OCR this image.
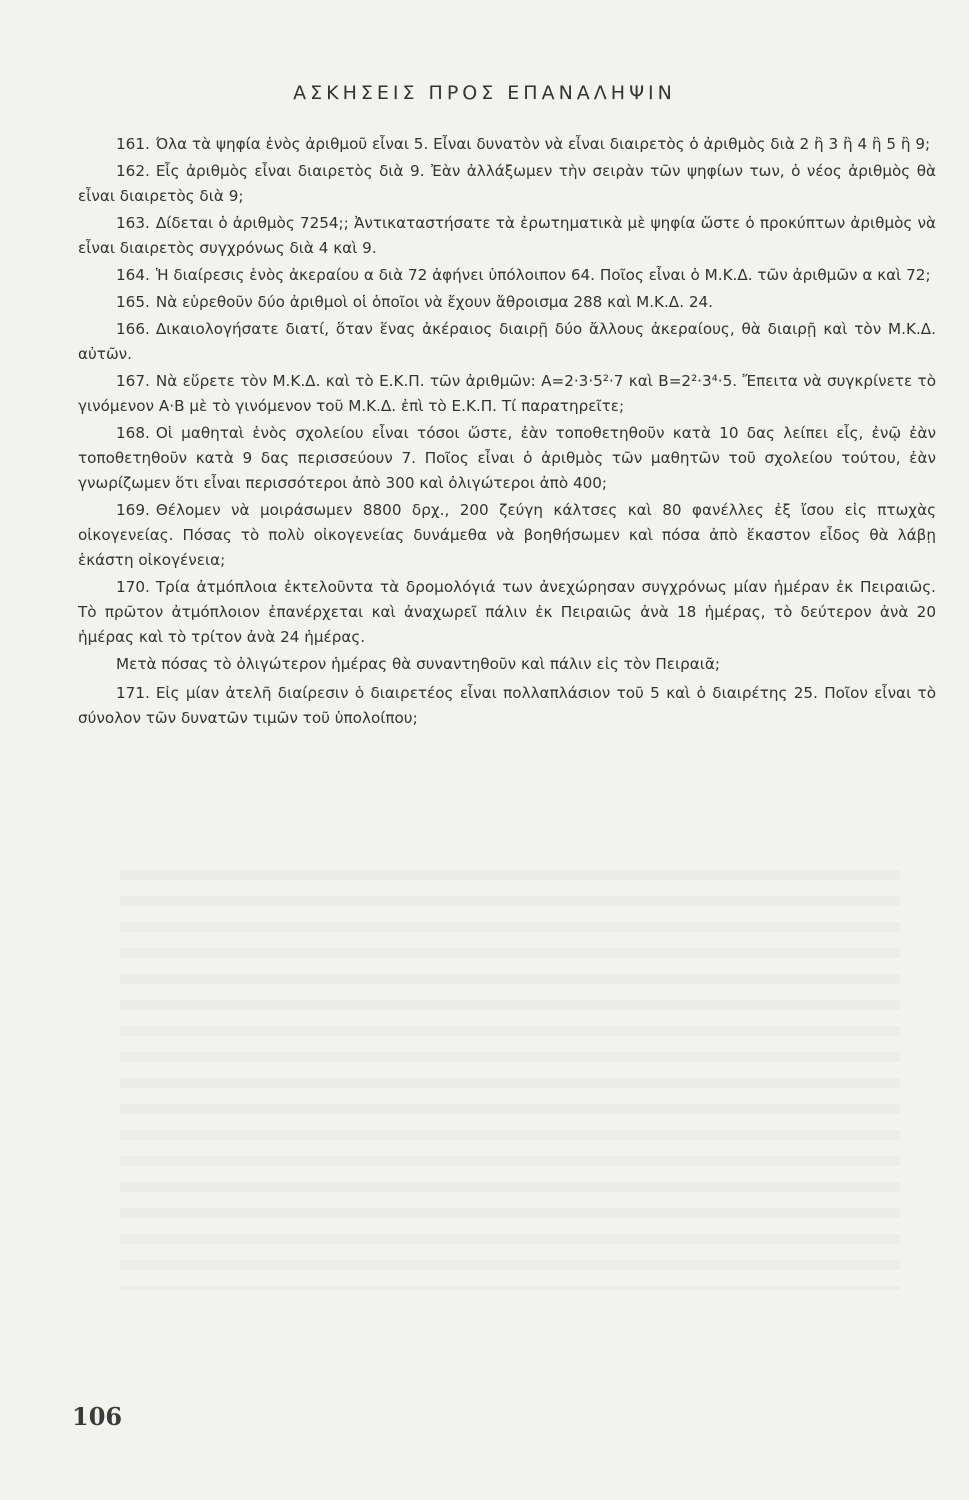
ΑΣΚΗΣΕΙΣ ΠΡΟΣ ΕΠΑΝΑΛΗΨΙΝ

161. Όλα τὰ ψηφία ἑνὸς ἀριθμοῦ εἶναι 5. Εἶναι δυνατὸν νὰ εἶναι διαιρετὸς ὁ ἀριθμὸς διὰ 2 ἢ 3 ἢ 4 ἢ 5 ἢ 9;

162. Εἷς ἀριθμὸς εἶναι διαιρετὸς διὰ 9. Ἐὰν ἀλλάξωμεν τὴν σειρὰν τῶν ψηφίων των, ὁ νέος ἀριθμὸς θὰ εἶναι διαιρετὸς διὰ 9;

163. Δίδεται ὁ ἀριθμὸς 7254;; Ἀντικαταστήσατε τὰ ἐρωτηματικὰ μὲ ψηφία ὥστε ὁ προκύπτων ἀριθμὸς νὰ εἶναι διαιρετὸς συγχρόνως διὰ 4 καὶ 9.

164. Ἡ διαίρεσις ἑνὸς ἀκεραίου α διὰ 72 ἀφήνει ὑπόλοιπον 64. Ποῖος εἶναι ὁ Μ.Κ.Δ. τῶν ἀριθμῶν α καὶ 72;

165. Νὰ εὑρεθοῦν δύο ἀριθμοὶ οἱ ὁποῖοι νὰ ἔχουν ἄθροισμα 288 καὶ Μ.Κ.Δ. 24.

166. Δικαιολογήσατε διατί, ὅταν ἕνας ἀκέραιος διαιρῇ δύο ἄλλους ἀκεραίους, θὰ διαιρῇ καὶ τὸν Μ.Κ.Δ. αὐτῶν.

167. Νὰ εὕρετε τὸν Μ.Κ.Δ. καὶ τὸ Ε.Κ.Π. τῶν ἀριθμῶν: Α=2·3·5²·7 καὶ Β=2²·3⁴·5. Ἔπειτα νὰ συγκρίνετε τὸ γινόμενον Α·Β μὲ τὸ γινόμενον τοῦ Μ.Κ.Δ. ἐπὶ τὸ Ε.Κ.Π. Τί παρατηρεῖτε;

168. Οἱ μαθηταὶ ἑνὸς σχολείου εἶναι τόσοι ὥστε, ἐὰν τοποθετηθοῦν κατὰ 10 δας λείπει εἷς, ἐνῷ ἐὰν τοποθετηθοῦν κατὰ 9 δας περισσεύουν 7. Ποῖος εἶναι ὁ ἀριθμὸς τῶν μαθητῶν τοῦ σχολείου τούτου, ἐὰν γνωρίζωμεν ὅτι εἶναι περισσότεροι ἀπὸ 300 καὶ ὀλιγώτεροι ἀπὸ 400;

169. Θέλομεν νὰ μοιράσωμεν 8800 δρχ., 200 ζεύγη κάλτσες καὶ 80 φανέλλες ἐξ ἴσου εἰς πτωχὰς οἰκογενείας. Πόσας τὸ πολὺ οἰκογενείας δυνάμεθα νὰ βοηθήσωμεν καὶ πόσα ἀπὸ ἕκαστον εἶδος θὰ λάβῃ ἑκάστη οἰκογένεια;

170. Τρία ἀτμόπλοια ἐκτελοῦντα τὰ δρομολόγιά των ἀνεχώρησαν συγχρόνως μίαν ἡμέραν ἐκ Πειραιῶς. Τὸ πρῶτον ἀτμόπλοιον ἐπανέρχεται καὶ ἀναχωρεῖ πάλιν ἐκ Πειραιῶς ἀνὰ 18 ἡμέρας, τὸ δεύτερον ἀνὰ 20 ἡμέρας καὶ τὸ τρίτον ἀνὰ 24 ἡμέρας.

Μετὰ πόσας τὸ ὀλιγώτερον ἡμέρας θὰ συναντηθοῦν καὶ πάλιν εἰς τὸν Πειραιᾶ;

171. Εἰς μίαν ἀτελῆ διαίρεσιν ὁ διαιρετέος εἶναι πολλαπλάσιον τοῦ 5 καὶ ὁ διαιρέτης 25. Ποῖον εἶναι τὸ σύνολον τῶν δυνατῶν τιμῶν τοῦ ὑπολοίπου;

106
